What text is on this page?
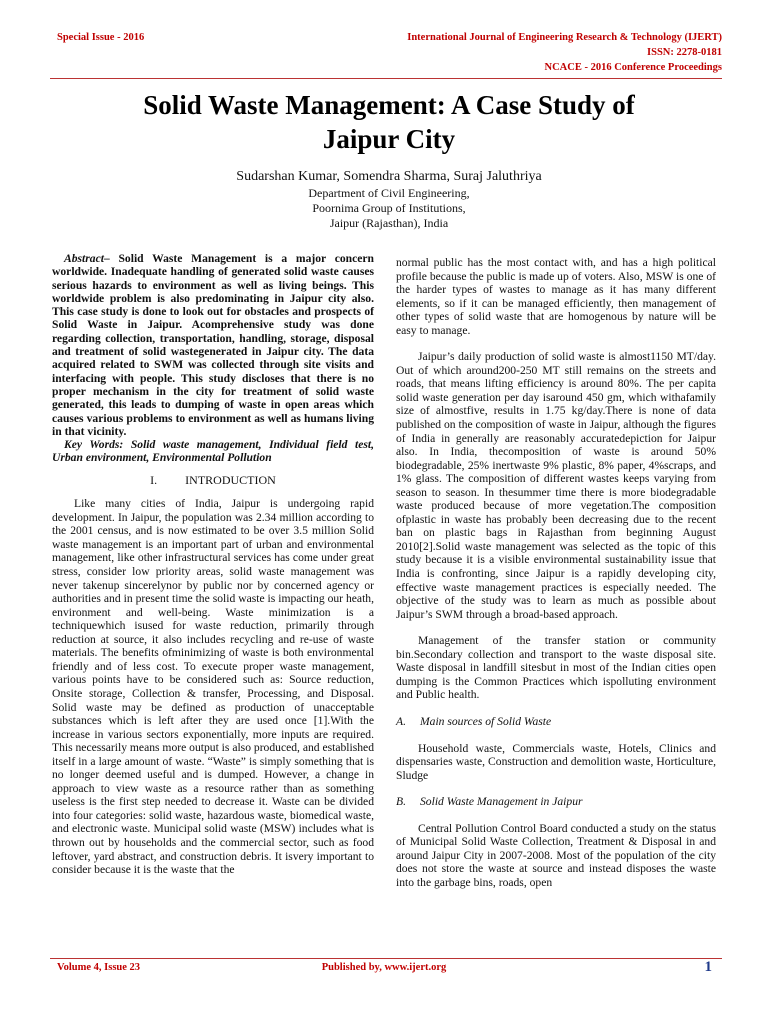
Special Issue - 2016	International Journal of Engineering Research & Technology (IJERT)
ISSN: 2278-0181
NCACE - 2016 Conference Proceedings
Solid Waste Management: A Case Study of
Jaipur City
Sudarshan Kumar, Somendra Sharma, Suraj Jaluthriya
Department of Civil Engineering,
Poornima Group of Institutions,
Jaipur (Rajasthan), India

Abstract– Solid Waste Management is a major concern worldwide. Inadequate handling of generated solid waste causes serious hazards to environment as well as living beings. This worldwide problem is also predominating in Jaipur city also. This case study is done to look out for obstacles and prospects of Solid Waste in Jaipur. Acomprehensive study was done regarding collection, transportation, handling, storage, disposal and treatment of solid wastegenerated in Jaipur city. The data acquired related to SWM was collected through site visits and interfacing with people. This study discloses that there is no proper mechanism in the city for treatment of solid waste generated, this leads to dumping of waste in open areas which causes various problems to environment as well as humans living in that vicinity.

Key Words: Solid waste management, Individual field test, Urban environment, Environmental Pollution

I. INTRODUCTION

Like many cities of India, Jaipur is undergoing rapid development. In Jaipur, the population was 2.34 million according to the 2001 census, and is now estimated to be over 3.5 million Solid waste management is an important part of urban and environmental management, like other infrastructural services has come under great stress, consider low priority areas, solid waste management was never takenup sincerelynor by public nor by concerned agency or authorities and in present time the solid waste is impacting our heath, environment and well-being. Waste minimization is a techniquewhich isused for waste reduction, primarily through reduction at source, it also includes recycling and re-use of waste materials. The benefits ofminimizing of waste is both environmental friendly and of less cost. To execute proper waste management, various points have to be considered such as: Source reduction, Onsite storage, Collection & transfer, Processing, and Disposal. Solid waste may be defined as production of unacceptable substances which is left after they are used once [1].With the increase in various sectors exponentially, more inputs are required. This necessarily means more output is also produced, and established itself in a large amount of waste. “Waste” is simply something that is no longer deemed useful and is dumped. However, a change in approach to view waste as a resource rather than as something useless is the first step needed to decrease it. Waste can be divided into four categories: solid waste, hazardous waste, biomedical waste, and electronic waste. Municipal solid waste (MSW) includes what is thrown out by households and the commercial sector, such as food leftover, yard abstract, and construction debris. It isvery important to consider because it is the waste that the

normal public has the most contact with, and has a high political profile because the public is made up of voters. Also, MSW is one of the harder types of wastes to manage as it has many different elements, so if it can be managed efficiently, then management of other types of solid waste that are homogenous by nature will be easy to manage.

Jaipur’s daily production of solid waste is almost1150 MT/day. Out of which around200-250 MT still remains on the streets and roads, that means lifting efficiency is around 80%. The per capita solid waste generation per day isaround 450 gm, which withafamily size of almostfive, results in 1.75 kg/day.There is none of data published on the composition of waste in Jaipur, although the figures of India in generally are reasonably accuratedepiction for Jaipur also. In India, thecomposition of waste is around 50% biodegradable, 25% inertwaste 9% plastic, 8% paper, 4%scraps, and 1% glass. The composition of different wastes keeps varying from season to season. In thesummer time there is more biodegradable waste produced because of more vegetation.The composition ofplastic in waste has probably been decreasing due to the recent ban on plastic bags in Rajasthan from beginning August 2010[2].Solid waste management was selected as the topic of this study because it is a visible environmental sustainability issue that India is confronting, since Jaipur is a rapidly developing city, effective waste management practices is especially needed. The objective of the study was to learn as much as possible about Jaipur’s SWM through a broad-based approach.

Management of the transfer station or community bin.Secondary collection and transport to the waste disposal site. Waste disposal in landfill sitesbut in most of the Indian cities open dumping is the Common Practices which ispolluting environment and Public health.

A. Main sources of Solid Waste

Household waste, Commercials waste, Hotels, Clinics and dispensaries waste, Construction and demolition waste, Horticulture, Sludge

B. Solid Waste Management in Jaipur

Central Pollution Control Board conducted a study on the status of Municipal Solid Waste Collection, Treatment & Disposal in and around Jaipur City in 2007-2008. Most of the population of the city does not store the waste at source and instead disposes the waste into the garbage bins, roads, open

Volume 4, Issue 23	Published by, www.ijert.org	1
